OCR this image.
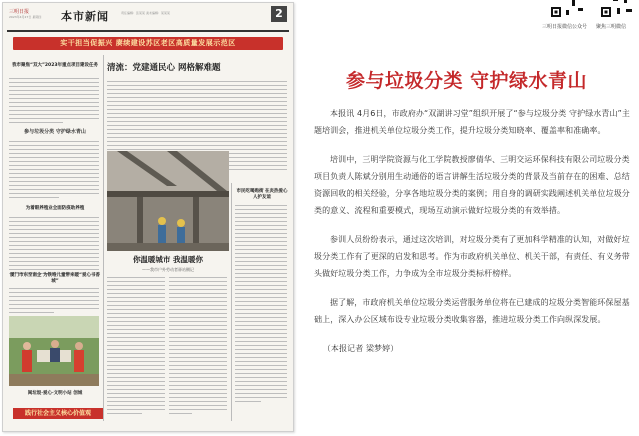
三明日报
2023年4月27日 星期四 本市新闻	责任编辑：张某某 美术编辑：某某某	2
实干担当促振兴 赓续建设苏区老区高质量发展示范区
我市聚焦“双大”2023年重点项目建设任务
参与垃圾分类 守护绿水青山
为着眼养殖业全面防疫助养殖
厦门市东至南企 为铁咯儿童带来暖“爱心书香城”
闽垃圾·爱心·文明小站 创城
践行社会主义核心价值观
清流：党建通民心 网格解难题
你温暖城市 我温暖你
——我市户外劳动者驿站侧记
市民吃喝购街 在炎热爱心人护友谊
三明日报微信公众号	聚焦三明微信
参与垃圾分类 守护绿水青山

本报讯 4月6日，市政府办“双湖讲习堂”组织开展了“参与垃圾分类 守护绿水青山”主题培训会，推进机关单位垃圾分类工作，提升垃圾分类知晓率、覆盖率和准确率。

培训中，三明学院资源与化工学院教授廖倩华、三明交运环保科技有限公司垃圾分类项目负责人陈斌分别用生动通俗的语言讲解生活垃圾分类的背景及当前存在的困难、总结资源回收的相关经验，分享各地垃圾分类的案例；用自身的调研实践阐述机关单位垃圾分类的意义、流程和重要模式，现场互动演示做好垃圾分类的有效举措。

参训人员纷纷表示，通过这次培训，对垃圾分类有了更加科学精准的认知，对做好垃圾分类工作有了更深的启发和思考。作为市政府机关单位、机关干部，有责任、有义务带头做好垃圾分类工作，力争成为全市垃圾分类标杆榜样。

据了解，市政府机关单位垃圾分类运营服务单位将在已建成的垃圾分类智能环保屋基础上，深入办公区域布设专业垃圾分类收集容器，推进垃圾分类工作向纵深发展。

（本报记者 梁梦婷）
